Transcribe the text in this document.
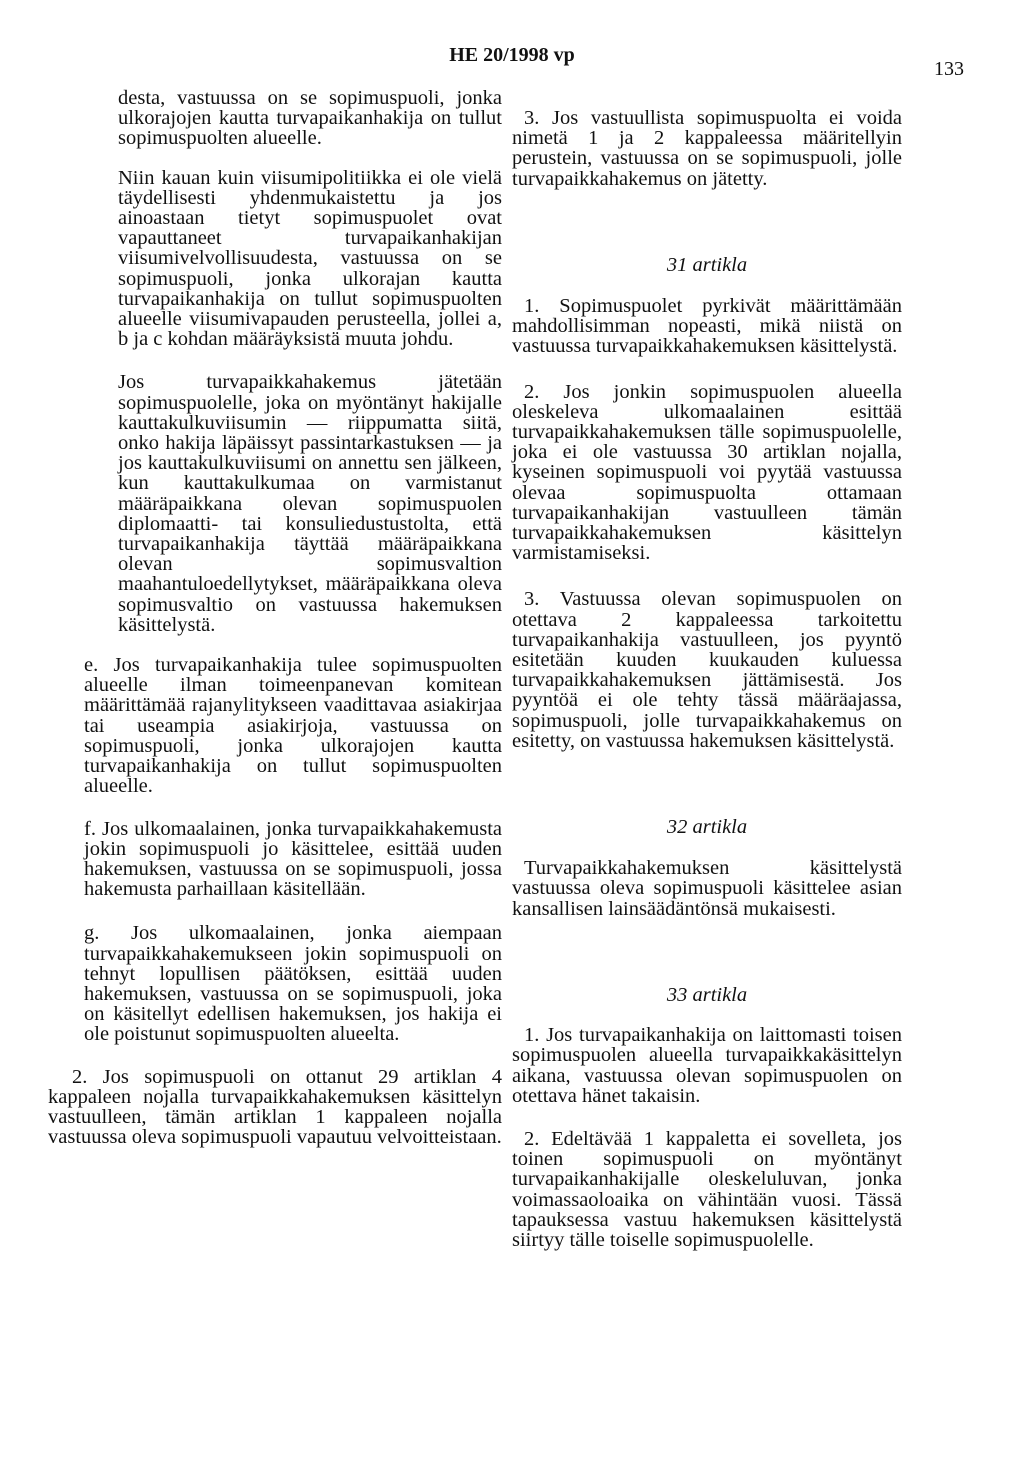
HE 20/1998 vp
133

desta, vastuussa on se sopimuspuoli, jonka ulkorajojen kautta turvapaikanhakija on tullut sopimuspuolten alueelle.

Niin kauan kuin viisumipolitiikka ei ole vielä täydellisesti yhdenmukaistettu ja jos ainoastaan tietyt sopimuspuolet ovat vapauttaneet turvapaikanhakijan viisumivelvollisuudesta, vastuussa on se sopimuspuoli, jonka ulkorajan kautta turvapaikanhakija on tullut sopimuspuolten alueelle viisumivapauden perusteella, jollei a, b ja c kohdan määräyksistä muuta johdu.

Jos turvapaikkahakemus jätetään sopimuspuolelle, joka on myöntänyt hakijalle kauttakulkuviisumin — riippumatta siitä, onko hakija läpäissyt passintarkastuksen — ja jos kauttakulkuviisumi on annettu sen jälkeen, kun kauttakulkumaa on varmistanut määräpaikkana olevan sopimuspuolen diplomaatti- tai konsuliedustustolta, että turvapaikanhakija täyttää määräpaikkana olevan sopimusvaltion maahantuloedellytykset, määräpaikkana oleva sopimusvaltio on vastuussa hakemuksen käsittelystä.

e. Jos turvapaikanhakija tulee sopimuspuolten alueelle ilman toimeenpanevan komitean määrittämää rajanylitykseen vaadittavaa asiakirjaa tai useampia asiakirjoja, vastuussa on sopimuspuoli, jonka ulkorajojen kautta turvapaikanhakija on tullut sopimuspuolten alueelle.

f. Jos ulkomaalainen, jonka turvapaikkahakemusta jokin sopimuspuoli jo käsittelee, esittää uuden hakemuksen, vastuussa on se sopimuspuoli, jossa hakemusta parhaillaan käsitellään.

g. Jos ulkomaalainen, jonka aiempaan turvapaikkahakemukseen jokin sopimuspuoli on tehnyt lopullisen päätöksen, esittää uuden hakemuksen, vastuussa on se sopimuspuoli, joka on käsitellyt edellisen hakemuksen, jos hakija ei ole poistunut sopimuspuolten alueelta.

2. Jos sopimuspuoli on ottanut 29 artiklan 4 kappaleen nojalla turvapaikkahakemuksen käsittelyn vastuulleen, tämän artiklan 1 kappaleen nojalla vastuussa oleva sopimuspuoli vapautuu velvoitteistaan.

3. Jos vastuullista sopimuspuolta ei voida nimetä 1 ja 2 kappaleessa määritellyin perustein, vastuussa on se sopimuspuoli, jolle turvapaikkahakemus on jätetty.

31 artikla

1. Sopimuspuolet pyrkivät määrittämään mahdollisimman nopeasti, mikä niistä on vastuussa turvapaikkahakemuksen käsittelystä.

2. Jos jonkin sopimuspuolen alueella oleskeleva ulkomaalainen esittää turvapaikkahakemuksen tälle sopimuspuolelle, joka ei ole vastuussa 30 artiklan nojalla, kyseinen sopimuspuoli voi pyytää vastuussa olevaa sopimuspuolta ottamaan turvapaikanhakijan vastuulleen tämän turvapaikkahakemuksen käsittelyn varmistamiseksi.

3. Vastuussa olevan sopimuspuolen on otettava 2 kappaleessa tarkoitettu turvapaikanhakija vastuulleen, jos pyyntö esitetään kuuden kuukauden kuluessa turvapaikkahakemuksen jättämisestä. Jos pyyntöä ei ole tehty tässä määräajassa, sopimuspuoli, jolle turvapaikkahakemus on esitetty, on vastuussa hakemuksen käsittelystä.

32 artikla

Turvapaikkahakemuksen käsittelystä vastuussa oleva sopimuspuoli käsittelee asian kansallisen lainsäädäntönsä mukaisesti.

33 artikla

1. Jos turvapaikanhakija on laittomasti toisen sopimuspuolen alueella turvapaikkakäsittelyn aikana, vastuussa olevan sopimuspuolen on otettava hänet takaisin.

2. Edeltävää 1 kappaletta ei sovelleta, jos toinen sopimuspuoli on myöntänyt turvapaikanhakijalle oleskeluluvan, jonka voimassaoloaika on vähintään vuosi. Tässä tapauksessa vastuu hakemuksen käsittelystä siirtyy tälle toiselle sopimuspuolelle.
